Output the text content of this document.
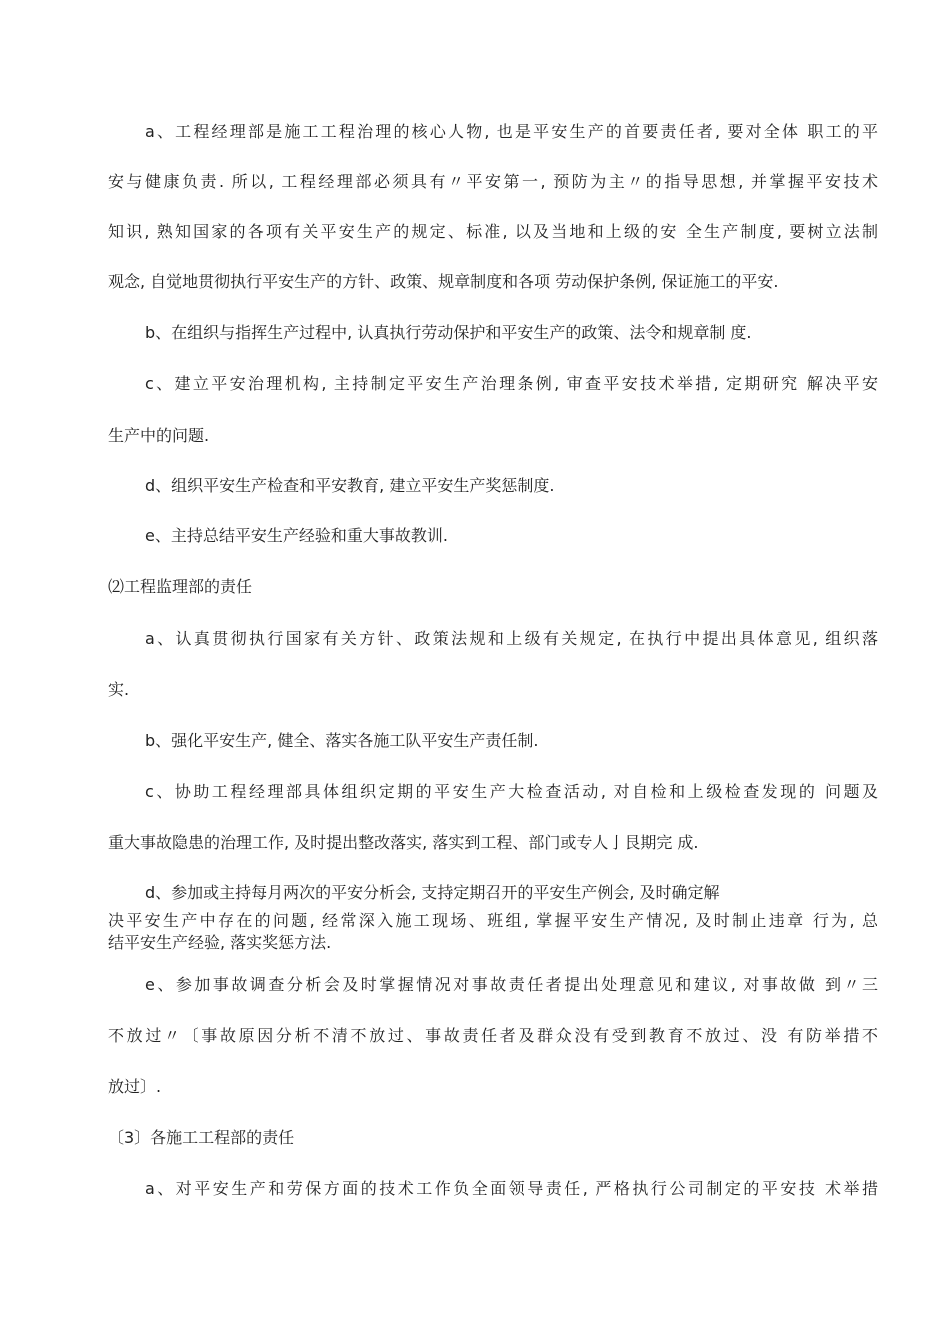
a、工程经理部是施工工程治理的核心人物, 也是平安生产的首要责任者, 要对全体 职工的平
安与健康负责. 所以, 工程经理部必须具有〃平安第一, 预防为主〃的指导思想, 并掌握平安技术
知识, 熟知国家的各项有关平安生产的规定、标准, 以及当地和上级的安 全生产制度, 要树立法制
观念, 自觉地贯彻执行平安生产的方针、政策、规章制度和各项 劳动保护条例, 保证施工的平安.
b、在组织与指挥生产过程中, 认真执行劳动保护和平安生产的政策、法令和规章制 度.
c、建立平安治理机构, 主持制定平安生产治理条例, 审查平安技术举措, 定期研究 解决平安
生产中的问题.
d、组织平安生产检查和平安教育, 建立平安生产奖惩制度.
e、主持总结平安生产经验和重大事故教训.
⑵工程监理部的责任
a、认真贯彻执行国家有关方针、政策法规和上级有关规定, 在执行中提出具体意见, 组织落
实.
b、强化平安生产, 健全、落实各施工队平安生产责任制.
c、协助工程经理部具体组织定期的平安生产大检查活动, 对自检和上级检查发现的 问题及
重大事故隐患的治理工作, 及时提出整改落实, 落实到工程、部门或专人亅艮期完 成.
d、参加或主持每月两次的平安分析会, 支持定期召开的平安生产例会, 及时确定解
决平安生产中存在的问题, 经常深入施工现场、班组, 掌握平安生产情况, 及时制止违章 行为, 总
结平安生产经验, 落实奖惩方法.
e、参加事故调查分析会及时掌握情况对事故责任者提出处理意见和建议, 对事故做 到〃三
不放过〃〔事故原因分析不清不放过、事故责任者及群众没有受到教育不放过、没 有防举措不
放过〕.
〔3〕各施工工程部的责任
a、对平安生产和劳保方面的技术工作负全面领导责任, 严格执行公司制定的平安技 术举措
